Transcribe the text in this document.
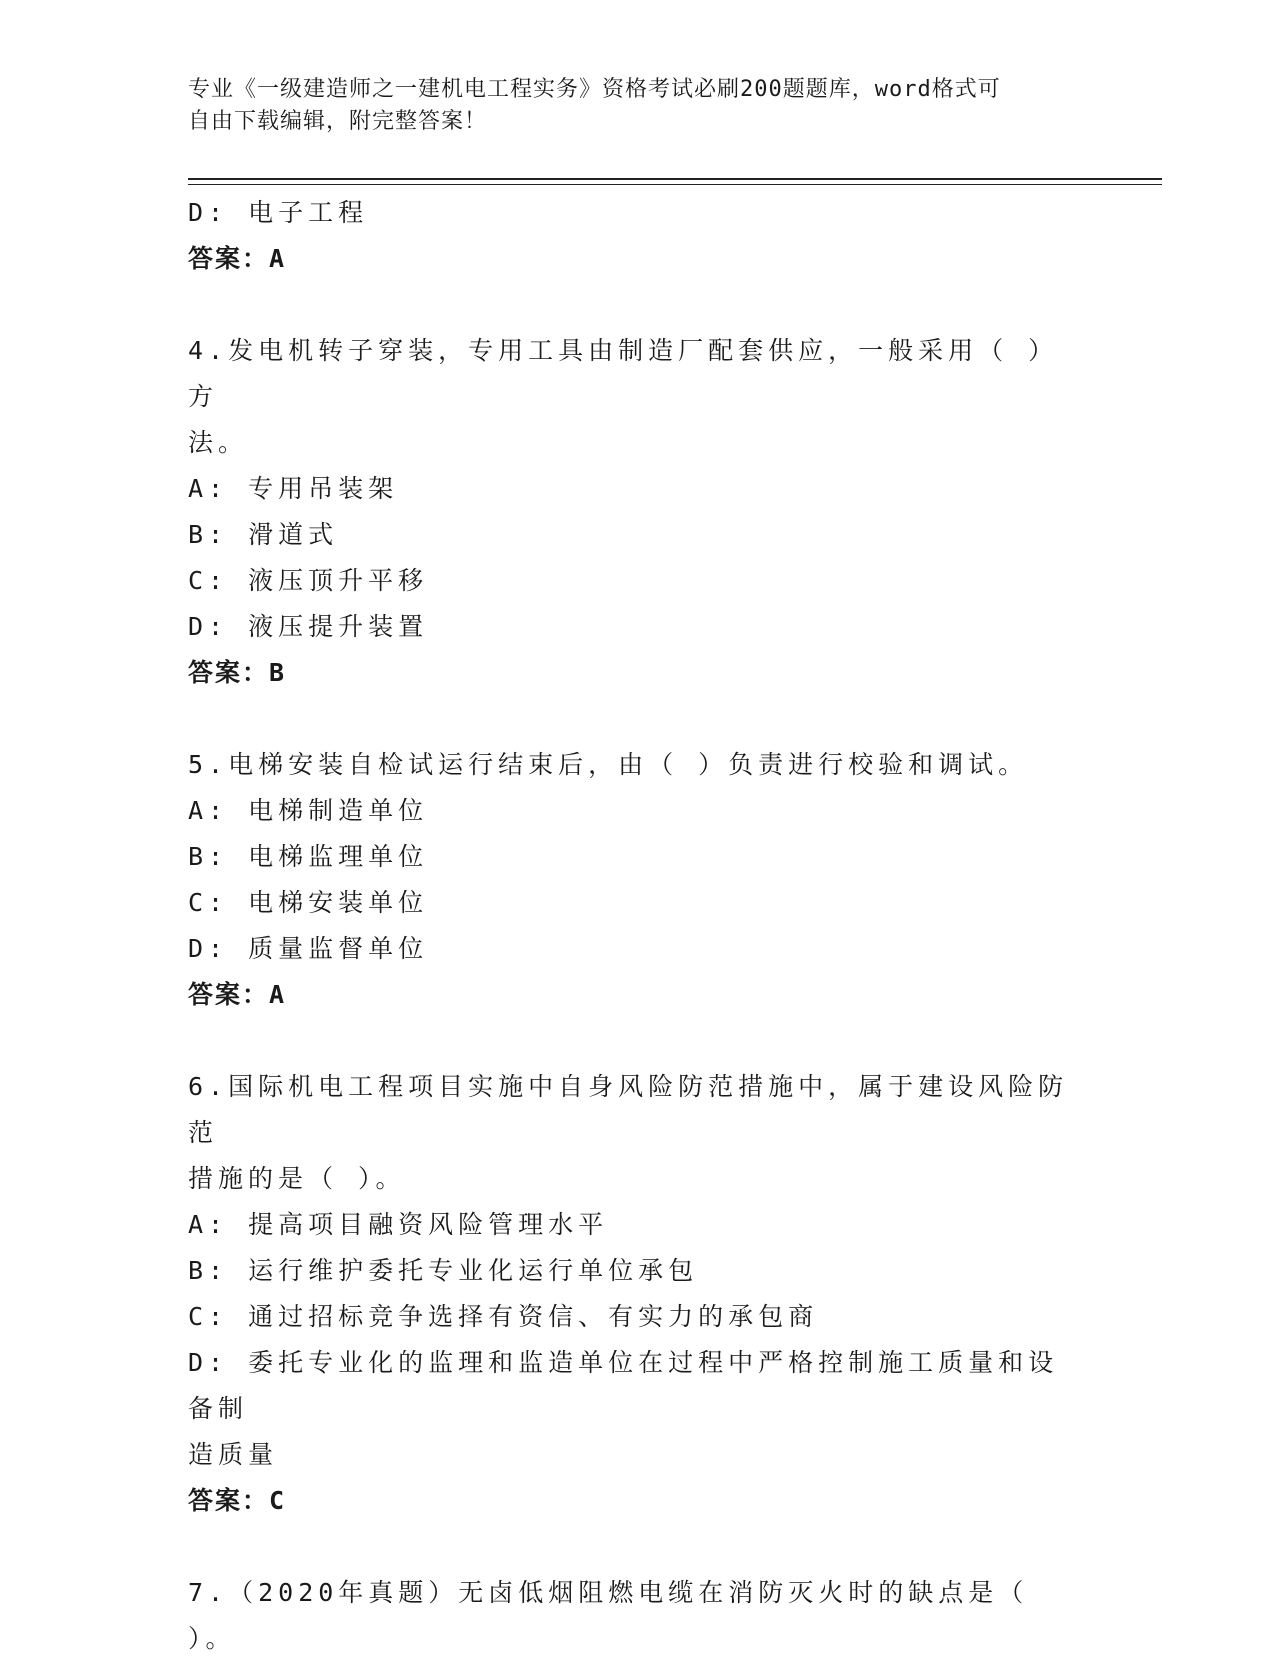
专业《一级建造师之一建机电工程实务》资格考试必刷200题题库，word格式可
自由下载编辑，附完整答案！
D: 电子工程
答案：A
4.发电机转子穿装，专用工具由制造厂配套供应，一般采用（ ）方
法。
A: 专用吊装架
B: 滑道式
C: 液压顶升平移
D: 液压提升装置
答案：B
5.电梯安装自检试运行结束后，由（ ）负责进行校验和调试。
A: 电梯制造单位
B: 电梯监理单位
C: 电梯安装单位
D: 质量监督单位
答案：A
6.国际机电工程项目实施中自身风险防范措施中，属于建设风险防范
措施的是（ ）。
A: 提高项目融资风险管理水平
B: 运行维护委托专业化运行单位承包
C: 通过招标竞争选择有资信、有实力的承包商
D: 委托专业化的监理和监造单位在过程中严格控制施工质量和设备制
造质量
答案：C
7.（2020年真题）无卤低烟阻燃电缆在消防灭火时的缺点是（ ）。
